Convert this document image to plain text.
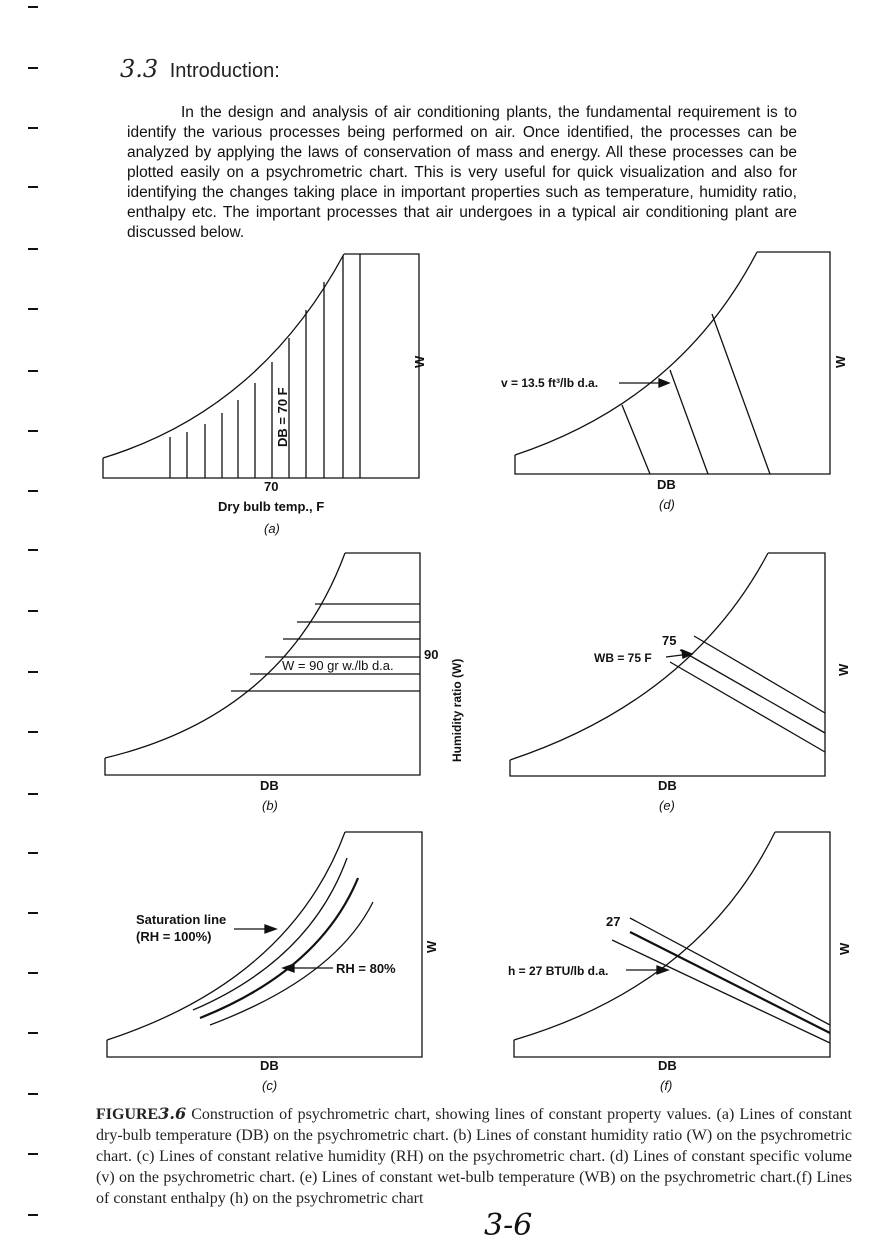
3.3 Introduction:
In the design and analysis of air conditioning plants, the fundamental requirement is to identify the various processes being performed on air. Once identified, the processes can be analyzed by applying the laws of conservation of mass and energy. All these processes can be plotted easily on a psychrometric chart. This is very useful for quick visualization and also for identifying the changes taking place in important properties such as temperature, humidity ratio, enthalpy etc. The important processes that air undergoes in a typical air conditioning plant are discussed below.
DB = 70 F
W
70
Dry bulb temp., F
(a)
v = 13.5 ft³/lb d.a.
W
DB
(d)
W = 90 gr w./lb d.a.
90
Humidity ratio (W)
DB
(b)
75
WB = 75 F
W
DB
(e)
Saturation line
(RH = 100%)
RH = 80%
W
DB
(c)
27
h = 27 BTU/lb d.a.
W
DB
(f)
FIGURE3.6 Construction of psychrometric chart, showing lines of constant property values. (a) Lines of constant dry-bulb temperature (DB) on the psychrometric chart. (b) Lines of constant humidity ratio (W) on the psychrometric chart. (c) Lines of constant relative humidity (RH) on the psychrometric chart. (d) Lines of constant specific volume (v) on the psychrometric chart. (e) Lines of constant wet-bulb temperature (WB) on the psychrometric chart.(f) Lines of constant enthalpy (h) on the psychrometric chart
3-6
